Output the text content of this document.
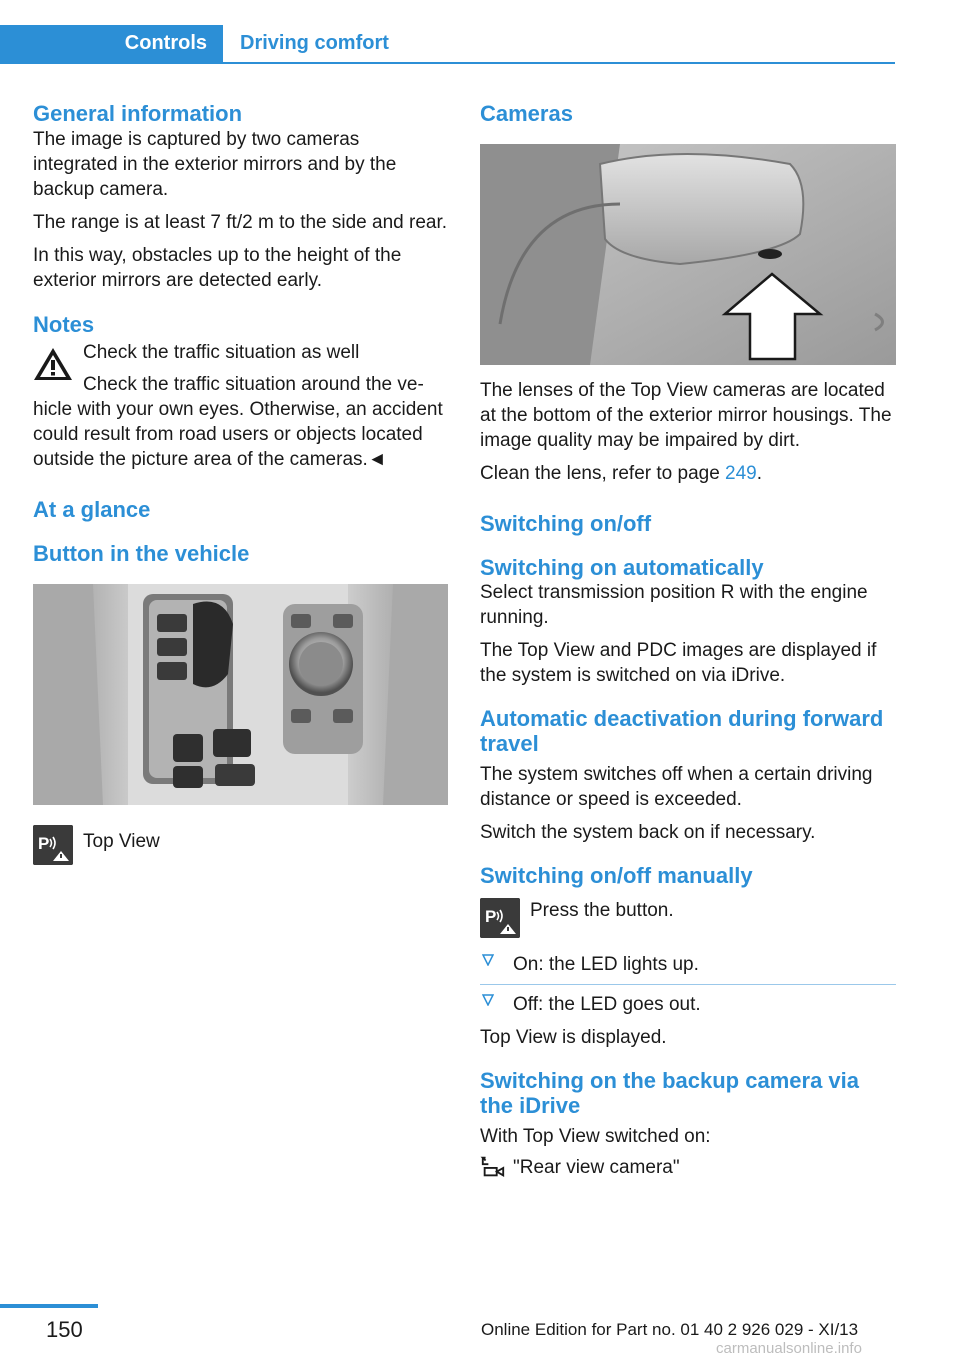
Controls	Driving comfort
General information

The image is captured by two cameras integrated in the exterior mirrors and by the backup camera.

The range is at least 7 ft/2 m to the side and rear.

In this way, obstacles up to the height of the exterior mirrors are detected early.

Notes
Check the traffic situation as well
Check the traffic situation around the vehicle with your own eyes. Otherwise, an accident could result from road users or objects located outside the picture area of the cameras.◄
At a glance
Button in the vehicle
P	Top View
Cameras

The lenses of the Top View cameras are located at the bottom of the exterior mirror housings. The image quality may be impaired by dirt.

Clean the lens, refer to page 249.

Switching on/off
Switching on automatically

Select transmission position R with the engine running.

The Top View and PDC images are displayed if the system is switched on via iDrive.

Automatic deactivation during forward travel

The system switches off when a certain driving distance or speed is exceeded.

Switch the system back on if necessary.

Switching on/off manually
P	Press the button.
On: the LED lights up.
Off: the LED goes out.

Top View is displayed.

Switching on the backup camera via the iDrive

With Top View switched on:

"Rear view camera"
150	Online Edition for Part no. 01 40 2 926 029 - XI/13
carmanualsonline.info
